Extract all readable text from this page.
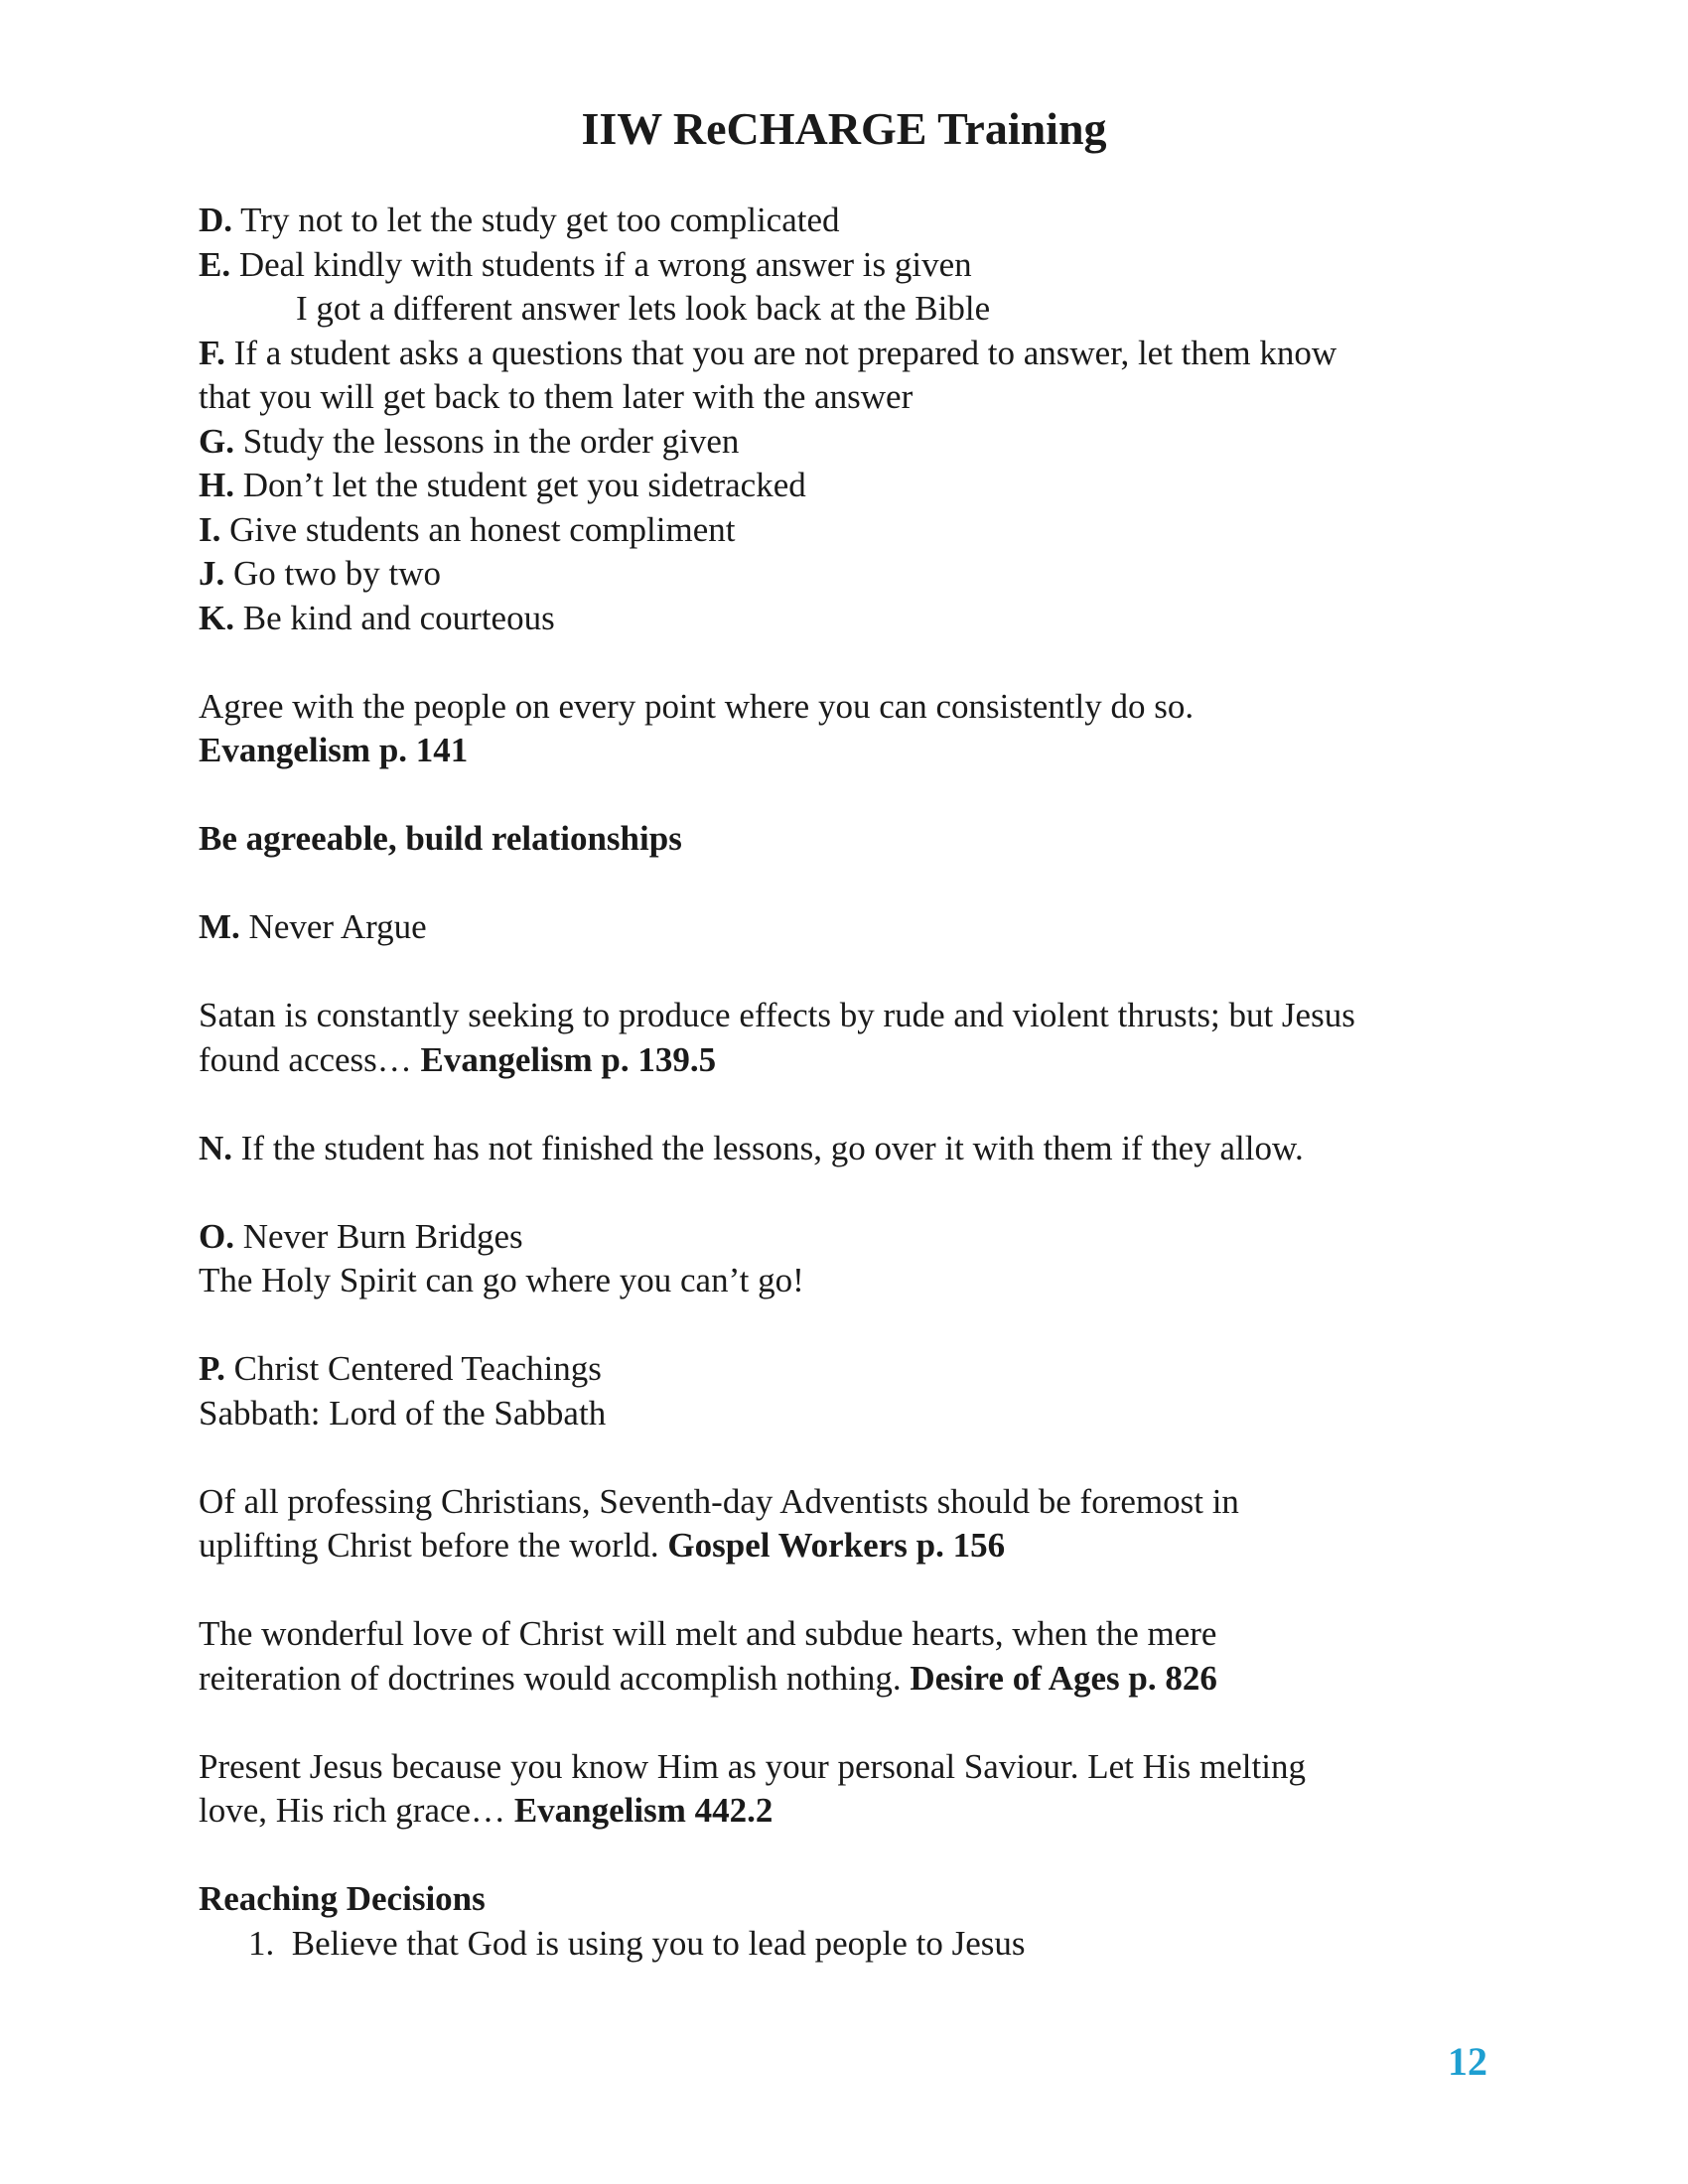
IIW ReCHARGE Training

D. Try not to let the study get too complicated

E. Deal kindly with students if a wrong answer is given

I got a different answer lets look back at the Bible

F. If a student asks a questions that you are not prepared to answer, let them know

that you will get back to them later with the answer

G. Study the lessons in the order given

H. Don’t let the student get you sidetracked

I. Give students an honest compliment

J. Go two by two

K. Be kind and courteous

Agree with the people on every point where you can consistently do so.

Evangelism p. 141

Be agreeable, build relationships

M. Never Argue

Satan is constantly seeking to produce effects by rude and violent thrusts; but Jesus

found access… Evangelism p. 139.5

N. If the student has not finished the lessons, go over it with them if they allow.

O. Never Burn Bridges

The Holy Spirit can go where you can’t go!

P. Christ Centered Teachings

Sabbath: Lord of the Sabbath

Of all professing Christians, Seventh-day Adventists should be foremost in

uplifting Christ before the world. Gospel Workers p. 156

The wonderful love of Christ will melt and subdue hearts, when the mere

reiteration of doctrines would accomplish nothing. Desire of Ages p. 826

Present Jesus because you know Him as your personal Saviour. Let His melting

love, His rich grace… Evangelism 442.2

Reaching Decisions

1. Believe that God is using you to lead people to Jesus

12
